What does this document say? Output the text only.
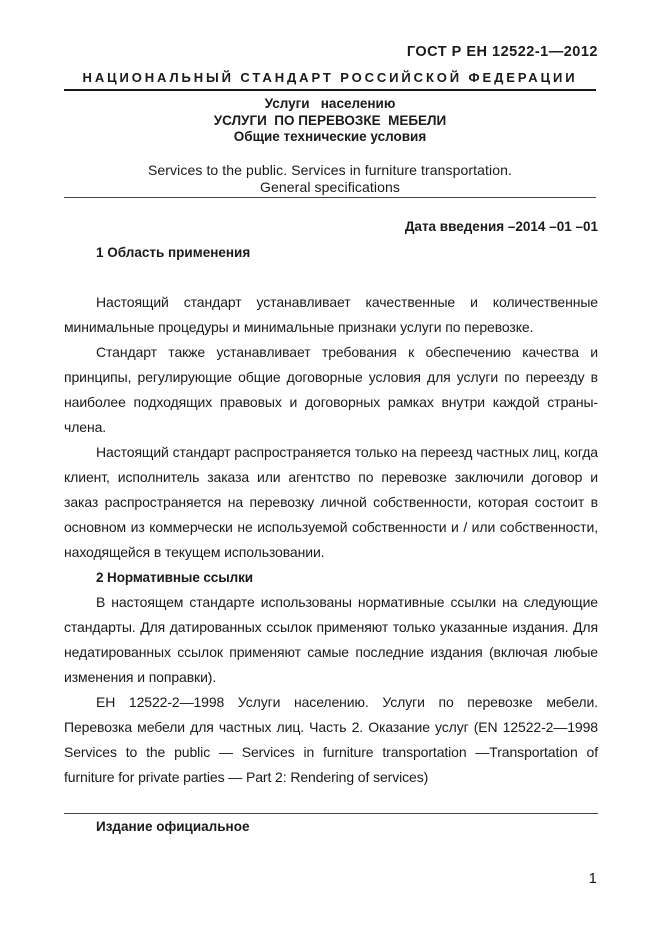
ГОСТ Р ЕН 12522-1—2012
НАЦИОНАЛЬНЫЙ СТАНДАРТ РОССИЙСКОЙ ФЕДЕРАЦИИ
Услуги   населению
УСЛУГИ  ПО ПЕРЕВОЗКЕ  МЕБЕЛИ
Общие технические условия
Services to the public. Services in furniture transportation.
General specifications
Дата введения –2014 –01 –01
1 Область применения

Настоящий стандарт устанавливает качественные и количественные минимальные процедуры и минимальные признаки услуги по перевозке.

Стандарт также устанавливает требования к обеспечению качества и принципы, регулирующие общие договорные условия для услуги по переезду в наиболее подходящих правовых и договорных рамках внутри каждой страны-члена.

Настоящий стандарт распространяется только на переезд частных лиц, когда клиент, исполнитель заказа или агентство по перевозке заключили договор и заказ распространяется на перевозку личной собственности, которая состоит в основном из коммерчески не используемой собственности и / или собственности, находящейся в текущем использовании.

2 Нормативные ссылки

В настоящем стандарте использованы нормативные ссылки на следующие стандарты. Для датированных ссылок применяют только указанные издания. Для недатированных ссылок применяют самые последние издания (включая любые изменения и поправки).

ЕН 12522-2—1998 Услуги населению. Услуги по перевозке мебели. Перевозка мебели для частных лиц. Часть 2. Оказание услуг (EN 12522-2—1998 Services to the public — Services in furniture transportation —Transportation of furniture for private parties — Part 2: Rendering of services)

Издание официальное
1
